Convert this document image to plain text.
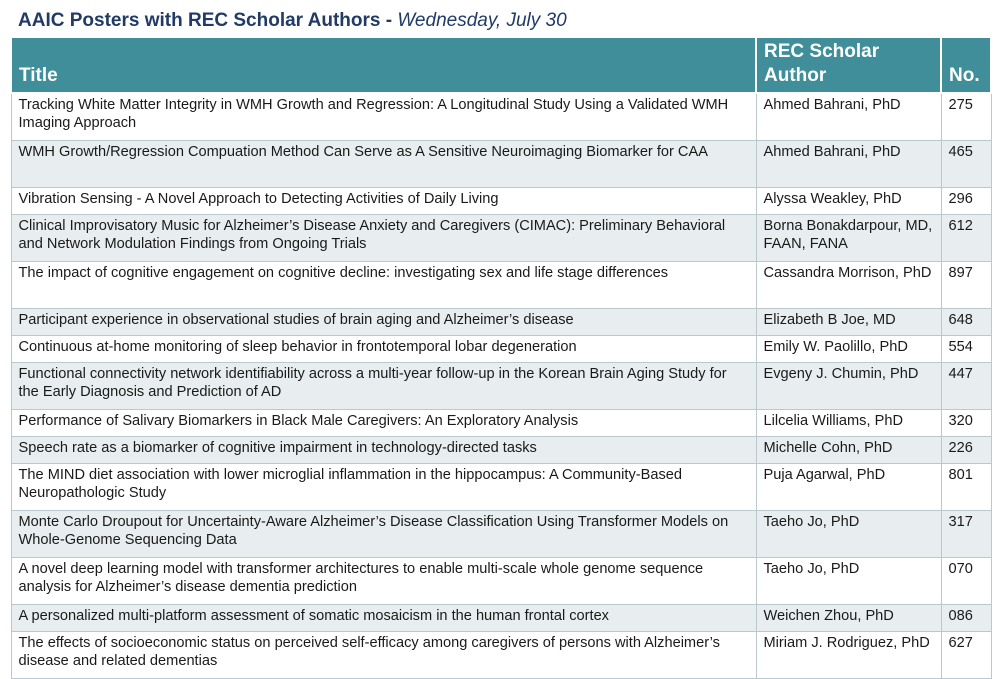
AAIC Posters with REC Scholar Authors - Wednesday, July 30
Title	REC Scholar Author	No.
Tracking White Matter Integrity in WMH Growth and Regression: A Longitudinal Study Using a Validated WMH Imaging Approach	Ahmed Bahrani, PhD	275
WMH Growth/Regression Compuation Method Can Serve as A Sensitive Neuroimaging Biomarker for CAA	Ahmed Bahrani, PhD	465
Vibration Sensing - A Novel Approach to Detecting Activities of Daily Living	Alyssa Weakley, PhD	296
Clinical Improvisatory Music for Alzheimer’s Disease Anxiety and Caregivers (CIMAC): Preliminary Behavioral and Network Modulation Findings from Ongoing Trials	Borna Bonakdarpour, MD, FAAN, FANA	612
The impact of cognitive engagement on cognitive decline: investigating sex and life stage differences	Cassandra Morrison, PhD	897
Participant experience in observational studies of brain aging and Alzheimer’s disease	Elizabeth B Joe, MD	648
Continuous at-home monitoring of sleep behavior in frontotemporal lobar degeneration	Emily W. Paolillo, PhD	554
Functional connectivity network identifiability across a multi-year follow-up in the Korean Brain Aging Study for the Early Diagnosis and Prediction of AD	Evgeny J. Chumin, PhD	447
Performance of Salivary Biomarkers in Black Male Caregivers: An Exploratory Analysis	Lilcelia Williams, PhD	320
Speech rate as a biomarker of cognitive impairment in technology-directed tasks	Michelle Cohn, PhD	226
The MIND diet association with lower microglial inflammation in the hippocampus: A Community-Based Neuropathologic Study	Puja Agarwal, PhD	801
Monte Carlo Droupout for Uncertainty-Aware Alzheimer’s Disease Classification Using Transformer Models on Whole-Genome Sequencing Data	Taeho Jo, PhD	317
A novel deep learning model with transformer architectures to enable multi-scale whole genome sequence analysis for Alzheimer’s disease dementia prediction	Taeho Jo, PhD	070
A personalized multi-platform assessment of somatic mosaicism in the human frontal cortex	Weichen Zhou, PhD	086
The effects of socioeconomic status on perceived self-efficacy among caregivers of persons with Alzheimer’s disease and related dementias	Miriam J. Rodriguez, PhD	627
